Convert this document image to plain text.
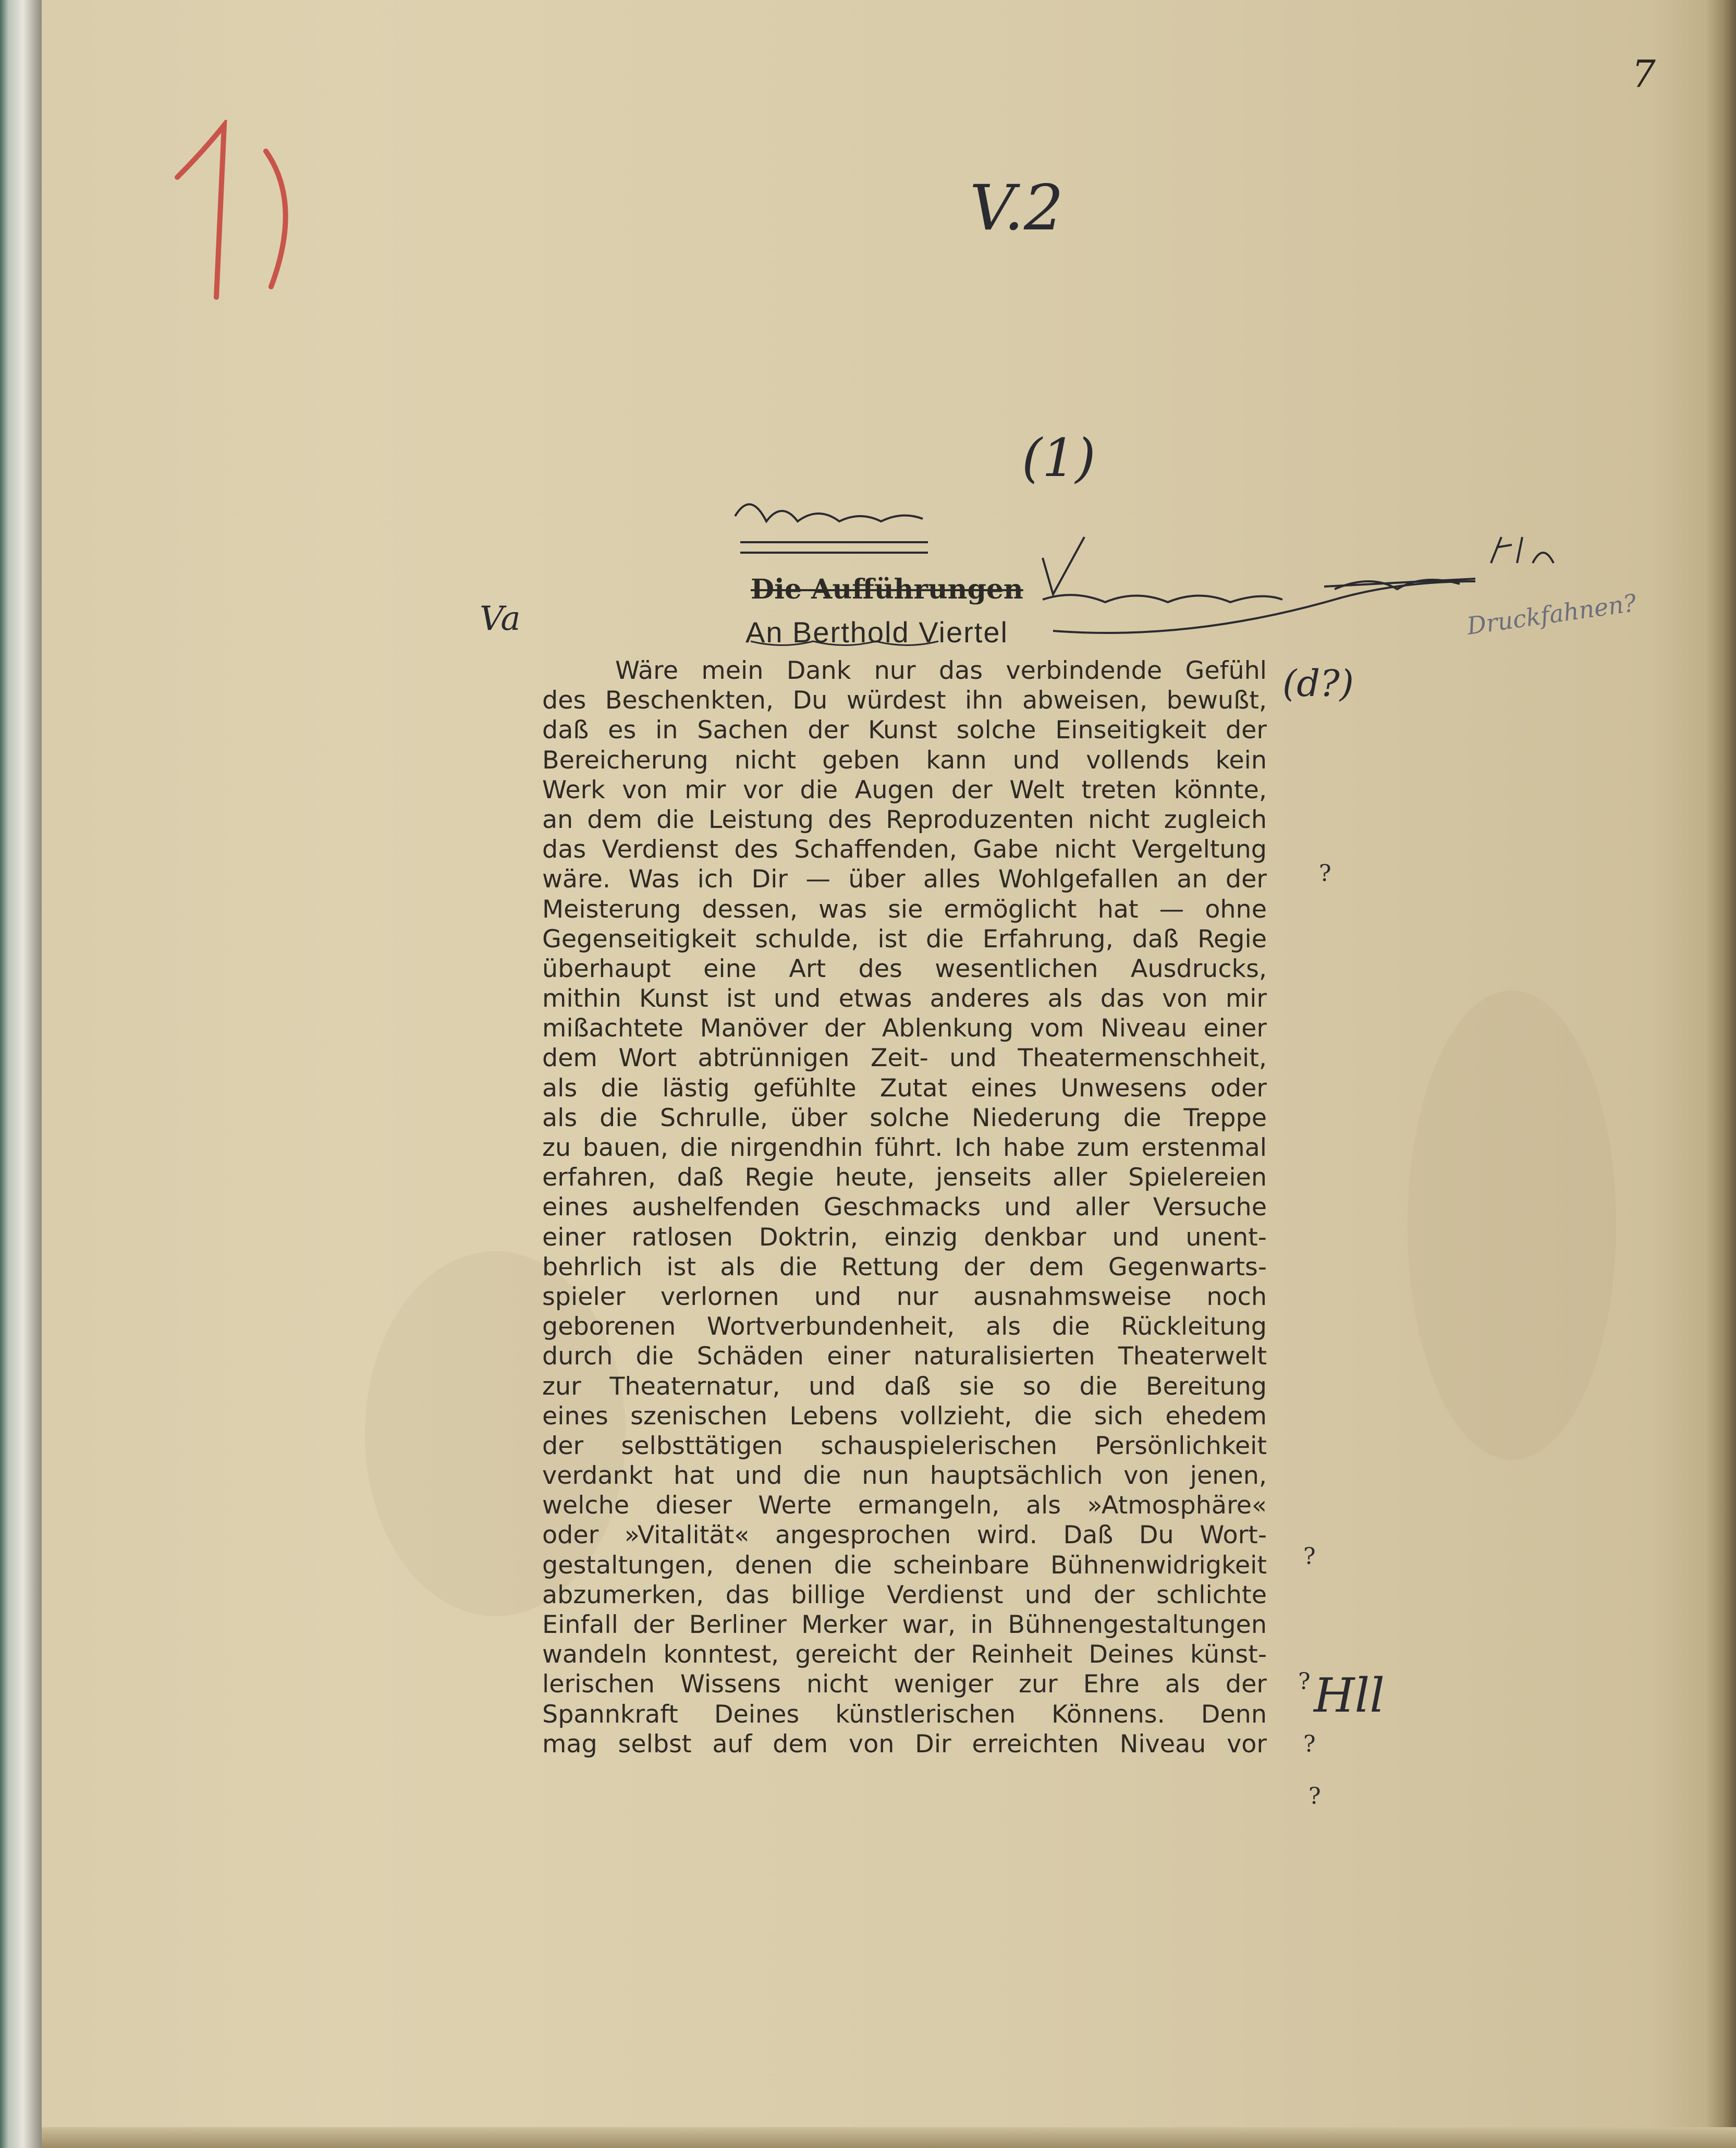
7
V.2
(1)
Va
(d?)
Druckfahnen?
Hll
?
?
?
?
?
Die Aufführungen
An Berthold Viertel
Wäre mein Dank nur das verbindende Gefühl
des Beschenkten, Du würdest ihn abweisen, bewußt,
daß es in Sachen der Kunst solche Einseitigkeit der
Bereicherung nicht geben kann und vollends kein
Werk von mir vor die Augen der Welt treten könnte,
an dem die Leistung des Reproduzenten nicht zugleich
das Verdienst des Schaffenden, Gabe nicht Vergeltung
wäre. Was ich Dir — über alles Wohlgefallen an der
Meisterung dessen, was sie ermöglicht hat — ohne
Gegenseitigkeit schulde, ist die Erfahrung, daß Regie
überhaupt eine Art des wesentlichen Ausdrucks,
mithin Kunst ist und etwas anderes als das von mir
mißachtete Manöver der Ablenkung vom Niveau einer
dem Wort abtrünnigen Zeit- und Theatermenschheit,
als die lästig gefühlte Zutat eines Unwesens oder
als die Schrulle, über solche Niederung die Treppe
zu bauen, die nirgendhin führt. Ich habe zum erstenmal
erfahren, daß Regie heute, jenseits aller Spielereien
eines aushelfenden Geschmacks und aller Versuche
einer ratlosen Doktrin, einzig denkbar und unent-
behrlich ist als die Rettung der dem Gegenwarts-
spieler verlornen und nur ausnahmsweise noch
geborenen Wortverbundenheit, als die Rückleitung
durch die Schäden einer naturalisierten Theaterwelt
zur Theaternatur, und daß sie so die Bereitung
eines szenischen Lebens vollzieht, die sich ehedem
der selbsttätigen schauspielerischen Persönlichkeit
verdankt hat und die nun hauptsächlich von jenen,
welche dieser Werte ermangeln, als »Atmosphäre«
oder »Vitalität« angesprochen wird. Daß Du Wort-
gestaltungen, denen die scheinbare Bühnenwidrigkeit
abzumerken, das billige Verdienst und der schlichte
Einfall der Berliner Merker war, in Bühnengestaltungen
wandeln konntest, gereicht der Reinheit Deines künst-
lerischen Wissens nicht weniger zur Ehre als der
Spannkraft Deines künstlerischen Könnens. Denn
mag selbst auf dem von Dir erreichten Niveau vor
